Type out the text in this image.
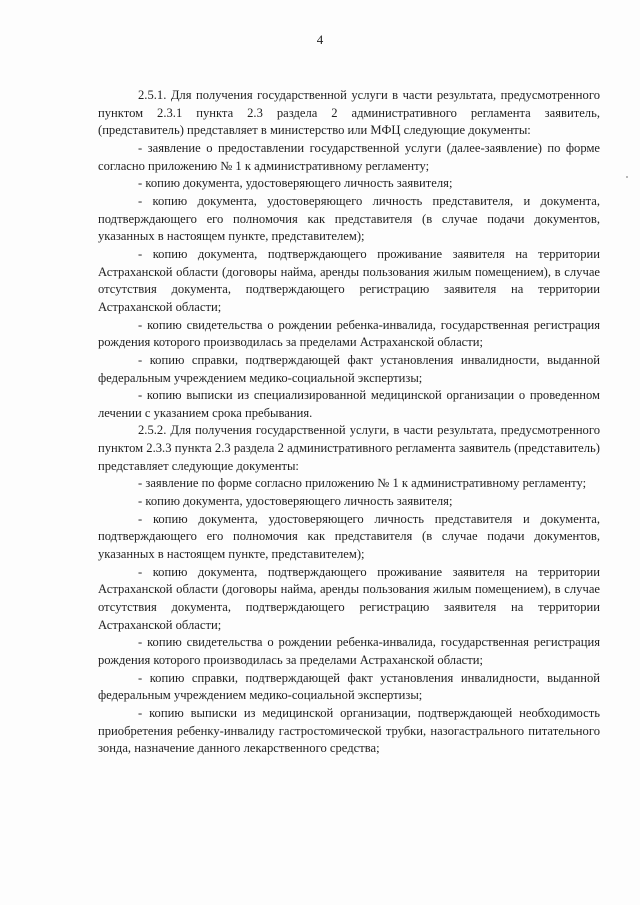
4

2.5.1. Для получения государственной услуги в части результата, предусмотренного пунктом 2.3.1 пункта 2.3 раздела 2 административного регламента заявитель, (представитель) представляет в министерство или МФЦ следующие документы:

- заявление о предоставлении государственной услуги (далее-заявление) по форме согласно приложению № 1 к административному регламенту;

- копию документа, удостоверяющего личность заявителя;

- копию документа, удостоверяющего личность представителя, и документа, подтверждающего его полномочия как представителя (в случае подачи документов, указанных в настоящем пункте, представителем);

- копию документа, подтверждающего проживание заявителя на территории Астраханской области (договоры найма, аренды пользования жилым помещением), в случае отсутствия документа, подтверждающего регистрацию заявителя на территории Астраханской области;

- копию свидетельства о рождении ребенка-инвалида, государственная регистрация рождения которого производилась за пределами Астраханской области;

- копию справки, подтверждающей факт установления инвалидности, выданной федеральным учреждением медико-социальной экспертизы;

- копию выписки из специализированной медицинской организации о проведенном лечении с указанием срока пребывания.

2.5.2. Для получения государственной услуги, в части результата, предусмотренного пунктом 2.3.3 пункта 2.3 раздела 2 административного регламента заявитель (представитель) представляет следующие документы:

- заявление по форме согласно приложению № 1 к административному регламенту;

- копию документа, удостоверяющего личность заявителя;

- копию документа, удостоверяющего личность представителя и документа, подтверждающего его полномочия как представителя (в случае подачи документов, указанных в настоящем пункте, представителем);

- копию документа, подтверждающего проживание заявителя на территории Астраханской области (договоры найма, аренды пользования жилым помещением), в случае отсутствия документа, подтверждающего регистрацию заявителя на территории Астраханской области;

- копию свидетельства о рождении ребенка-инвалида, государственная регистрация рождения которого производилась за пределами Астраханской области;

- копию справки, подтверждающей факт установления инвалидности, выданной федеральным учреждением медико-социальной экспертизы;

- копию выписки из медицинской организации, подтверждающей необходимость приобретения ребенку-инвалиду гастростомической трубки, назогастрального питательного зонда, назначение данного лекарственного средства;
